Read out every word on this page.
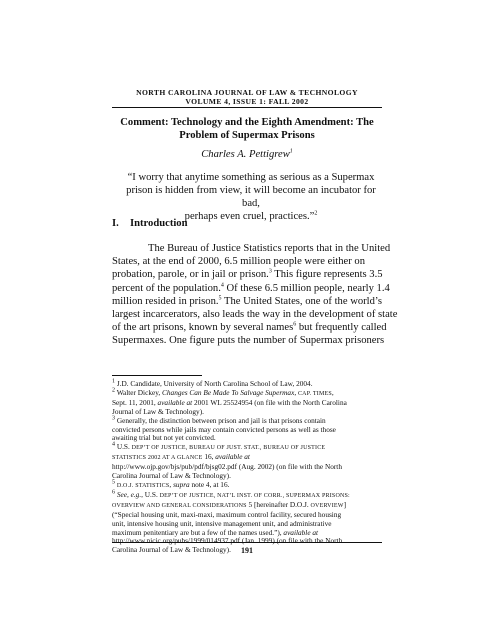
NORTH CAROLINA JOURNAL OF LAW & TECHNOLOGY
VOLUME 4, ISSUE 1: FALL 2002
Comment: Technology and the Eighth Amendment: The
Problem of Supermax Prisons
Charles A. Pettigrew$^1$
“I worry that anytime something as serious as a Supermax
prison is hidden from view, it will become an incubator for bad,
perhaps even cruel, practices.”$^2$
I. Introduction
The Bureau of Justice Statistics reports that in the United
States, at the end of 2000, 6.5 million people were either on
probation, parole, or in jail or prison.$^3$ This figure represents 3.5
percent of the population.$^4$ Of these 6.5 million people, nearly 1.4
million resided in prison.$^5$ The United States, one of the world’s
largest incarcerators, also leads the way in the development of state
of the art prisons, known by several names$^6$ but frequently called
Supermaxes. One figure puts the number of Supermax prisoners
$^1$ J.D. Candidate, University of North Carolina School of Law, 2004.
$^2$ Walter Dickey, Changes Can Be Made To Salvage Supermax, CAP. TIMES,
Sept. 11, 2001, available at 2001 WL 25524954 (on file with the North Carolina
Journal of Law & Technology).
$^3$ Generally, the distinction between prison and jail is that prisons contain
convicted persons while jails may contain convicted persons as well as those
awaiting trial but not yet convicted.
$^4$ U.S. DEP’T OF JUSTICE, BUREAU OF JUST. STAT., BUREAU OF JUSTICE
STATISTICS 2002 AT A GLANCE 16, available at
http://www.ojp.gov/bjs/pub/pdf/bjsg02.pdf (Aug. 2002) (on file with the North
Carolina Journal of Law & Technology).
$^5$ D.O.J. STATISTICS, supra note 4, at 16.
$^6$ See, e.g., U.S. DEP’T OF JUSTICE, NAT’L INST. OF CORR., SUPERMAX PRISONS:
OVERVIEW AND GENERAL CONSIDERATIONS 5 [hereinafter D.O.J. OVERVIEW]
(“Special housing unit, maxi-maxi, maximum control facility, secured housing
unit, intensive housing unit, intensive management unit, and administrative
maximum penitentiary are but a few of the names used.”), available at
http://www.nicic.org/pubs/1999/014937.pdf (Jan. 1999) (on file with the North
Carolina Journal of Law & Technology).	191
